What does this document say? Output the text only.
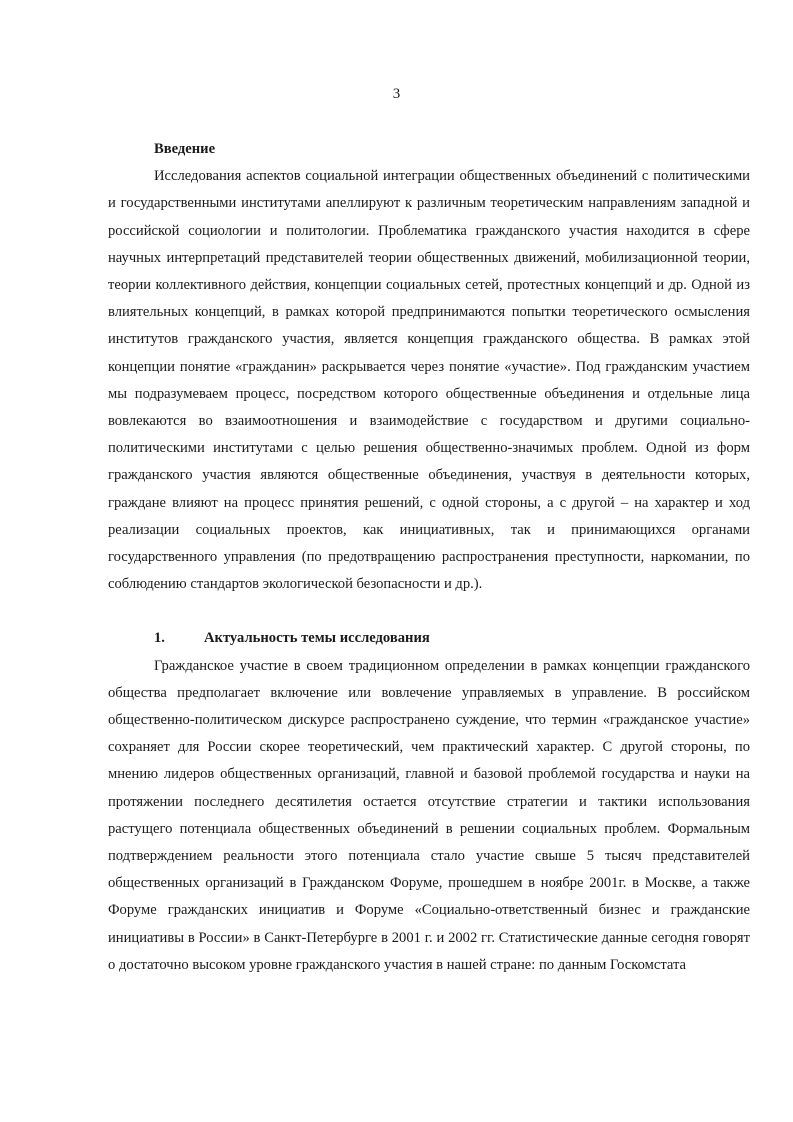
3
Введение

Исследования аспектов социальной интеграции общественных объединений с политическими и государственными институтами апеллируют к различным теоретическим направлениям западной и российской социологии и политологии. Проблематика гражданского участия находится в сфере научных интерпретаций представителей теории общественных движений, мобилизационной теории, теории коллективного действия, концепции социальных сетей, протестных концепций и др. Одной из влиятельных концепций, в рамках которой предпринимаются попытки теоретического осмысления институтов гражданского участия, является концепция гражданского общества. В рамках этой концепции понятие «гражданин» раскрывается через понятие «участие». Под гражданским участием мы подразумеваем процесс, посредством которого общественные объединения и отдельные лица вовлекаются во взаимоотношения и взаимодействие с государством и другими социально-политическими институтами с целью решения общественно-значимых проблем. Одной из форм гражданского участия являются общественные объединения, участвуя в деятельности которых, граждане влияют на процесс принятия решений, с одной стороны, а с другой – на характер и ход реализации социальных проектов, как инициативных, так и принимающихся органами государственного управления (по предотвращению распространения преступности, наркомании, по соблюдению стандартов экологической безопасности и др.).

1.	Актуальность темы исследования

Гражданское участие в своем традиционном определении в рамках концепции гражданского общества предполагает включение или вовлечение управляемых в управление. В российском общественно-политическом дискурсе распространено суждение, что термин «гражданское участие» сохраняет для России скорее теоретический, чем практический характер. С другой стороны, по мнению лидеров общественных организаций, главной и базовой проблемой государства и науки на протяжении последнего десятилетия остается отсутствие стратегии и тактики использования растущего потенциала общественных объединений в решении социальных проблем. Формальным подтверждением реальности этого потенциала стало участие свыше 5 тысяч представителей общественных организаций в Гражданском Форуме, прошедшем в ноябре 2001г. в Москве, а также Форуме гражданских инициатив и Форуме «Социально-ответственный бизнес и гражданские инициативы в России» в Санкт-Петербурге в 2001 г. и 2002 гг. Статистические данные сегодня говорят о достаточно высоком уровне гражданского участия в нашей стране: по данным Госкомстата
